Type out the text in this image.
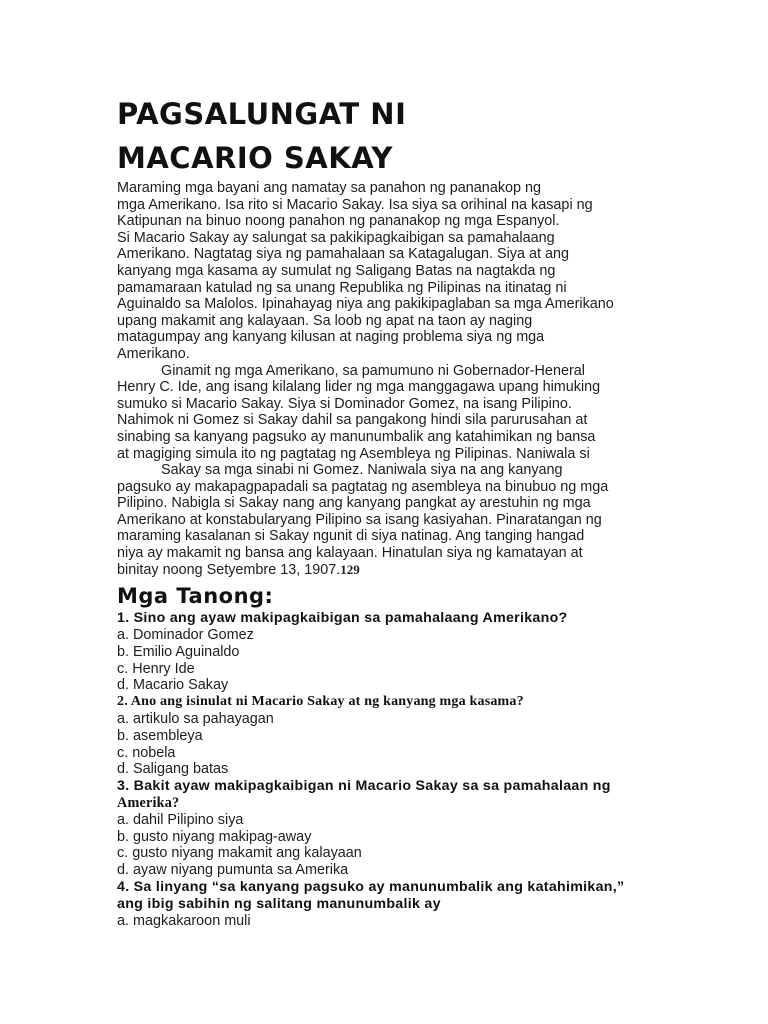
PAGSALUNGAT NI
MACARIO SAKAY
Maraming mga bayani ang namatay sa panahon ng pananakop ng
mga Amerikano. Isa rito si Macario Sakay. Isa siya sa orihinal na kasapi ng
Katipunan na binuo noong panahon ng pananakop ng mga Espanyol.
Si Macario Sakay ay salungat sa pakikipagkaibigan sa pamahalaang
Amerikano. Nagtatag siya ng pamahalaan sa Katagalugan. Siya at ang
kanyang mga kasama ay sumulat ng Saligang Batas na nagtakda ng
pamamaraan katulad ng sa unang Republika ng Pilipinas na itinatag ni
Aguinaldo sa Malolos. Ipinahayag niya ang pakikipaglaban sa mga Amerikano
upang makamit ang kalayaan. Sa loob ng apat na taon ay naging
matagumpay ang kanyang kilusan at naging problema siya ng mga
Amerikano.
Ginamit ng mga Amerikano, sa pamumuno ni Gobernador-Heneral
Henry C. Ide, ang isang kilalang lider ng mga manggagawa upang himuking
sumuko si Macario Sakay. Siya si Dominador Gomez, na isang Pilipino.
Nahimok ni Gomez si Sakay dahil sa pangakong hindi sila parurusahan at
sinabing sa kanyang pagsuko ay manunumbalik ang katahimikan ng bansa
at magiging simula ito ng pagtatag ng Asembleya ng Pilipinas. Naniwala si
Sakay sa mga sinabi ni Gomez. Naniwala siya na ang kanyang
pagsuko ay makapagpapadali sa pagtatag ng asembleya na binubuo ng mga
Pilipino. Nabigla si Sakay nang ang kanyang pangkat ay arestuhin ng mga
Amerikano at konstabularyang Pilipino sa isang kasiyahan. Pinaratangan ng
maraming kasalanan si Sakay ngunit di siya natinag. Ang tanging hangad
niya ay makamit ng bansa ang kalayaan. Hinatulan siya ng kamatayan at
binitay noong Setyembre 13, 1907.129
Mga Tanong:

1. Sino ang ayaw makipagkaibigan sa pamahalaang Amerikano?

a. Dominador Gomez

b. Emilio Aguinaldo

c. Henry Ide

d. Macario Sakay

2. Ano ang isinulat ni Macario Sakay at ng kanyang mga kasama?

a. artikulo sa pahayagan

b. asembleya

c. nobela

d. Saligang batas

3. Bakit ayaw makipagkaibigan ni Macario Sakay sa sa pamahalaan ng
Amerika?

a. dahil Pilipino siya

b. gusto niyang makipag-away

c. gusto niyang makamit ang kalayaan

d. ayaw niyang pumunta sa Amerika

4. Sa linyang “sa kanyang pagsuko ay manunumbalik ang katahimikan,”
ang ibig sabihin ng salitang manunumbalik ay

a. magkakaroon muli
